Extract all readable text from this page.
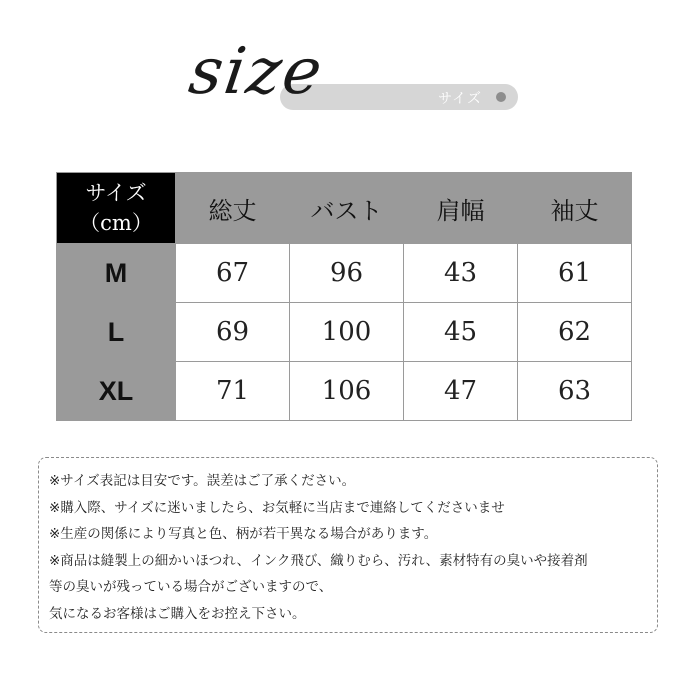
サイズ
size
サイズ
（cm）	総丈	バスト	肩幅	袖丈
M	67	96	43	61
L	69	100	45	62
XL	71	106	47	63
※サイズ表記は目安です。誤差はご了承ください。
※購入際、サイズに迷いましたら、お気軽に当店まで連絡してくださいませ
※生産の関係により写真と色、柄が若干異なる場合があります。
※商品は縫製上の細かいほつれ、インク飛び、織りむら、汚れ、素材特有の臭いや接着剤
等の臭いが残っている場合がございますので、
気になるお客様はご購入をお控え下さい。
